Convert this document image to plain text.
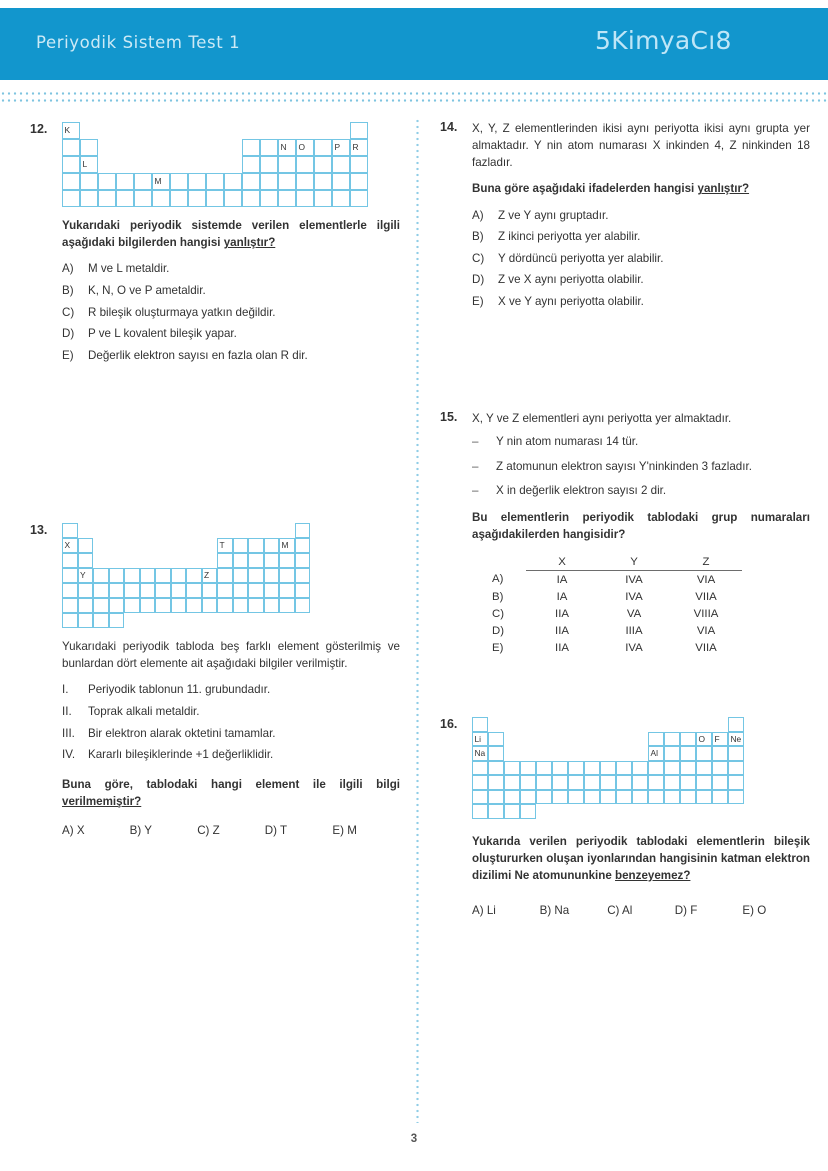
Periyodik Sistem Test 1	5KimyaCı8
12.	K
N	O	P	R
L
M

Yukarıdaki periyodik sistemde verilen elementlerle ilgili aşağıdaki bilgilerden hangisi yanlıştır?

A)	M ve L metaldir.
B)	K, N, O ve P ametaldir.
C)	R bileşik oluşturmaya yatkın değildir.
D)	P ve L kovalent bileşik yapar.
E)	Değerlik elektron sayısı en fazla olan R dir.
13.
X	T	M
Y	Z

Yukarıdaki periyodik tabloda beş farklı element gösterilmiş ve bunlardan dört elemente ait aşağıdaki bilgiler verilmiştir.

I.	Periyodik tablonun 11. grubundadır.
II.	Toprak alkali metaldir.
III.	Bir elektron alarak oktetini tamamlar.
IV.	Kararlı bileşiklerinde +1 değerliklidir.

Buna göre, tablodaki hangi element ile ilgili bilgi verilmemiştir?

A) X	B) Y	C) Z	D) T	E) M
14.	X, Y, Z elementlerinden ikisi aynı periyotta ikisi aynı grupta yer almaktadır. Y nin atom numarası X inkinden 4, Z ninkinden 18 fazladır.

Buna göre aşağıdaki ifadelerden hangisi yanlıştır?

A)	Z ve Y aynı gruptadır.
B)	Z ikinci periyotta yer alabilir.
C)	Y dördüncü periyotta yer alabilir.
D)	Z ve X aynı periyotta olabilir.
E)	X ve Y aynı periyotta olabilir.
15.	X, Y ve Z elementleri aynı periyotta yer almaktadır.

–	Y nin atom numarası 14 tür.
–	Z atomunun elektron sayısı Y'ninkinden 3 fazladır.
–	X in değerlik elektron sayısı 2 dir.

Bu elementlerin periyodik tablodaki grup numaraları aşağıdakilerden hangisidir?

	X	Y	Z
A)	IA	IVA	VIA
B)	IA	IVA	VIIA
C)	IIA	VA	VIIIA
D)	IIA	IIIA	VIA
E)	IIA	IVA	VIIA
16.
Li	O	F	Ne
Na	Al

Yukarıda verilen periyodik tablodaki elementlerin bileşik oluştururken oluşan iyonlarından hangisinin katman elektron dizilimi Ne atomununkine benzeyemez?

A) Li	B) Na	C) Al	D) F	E) O
3
